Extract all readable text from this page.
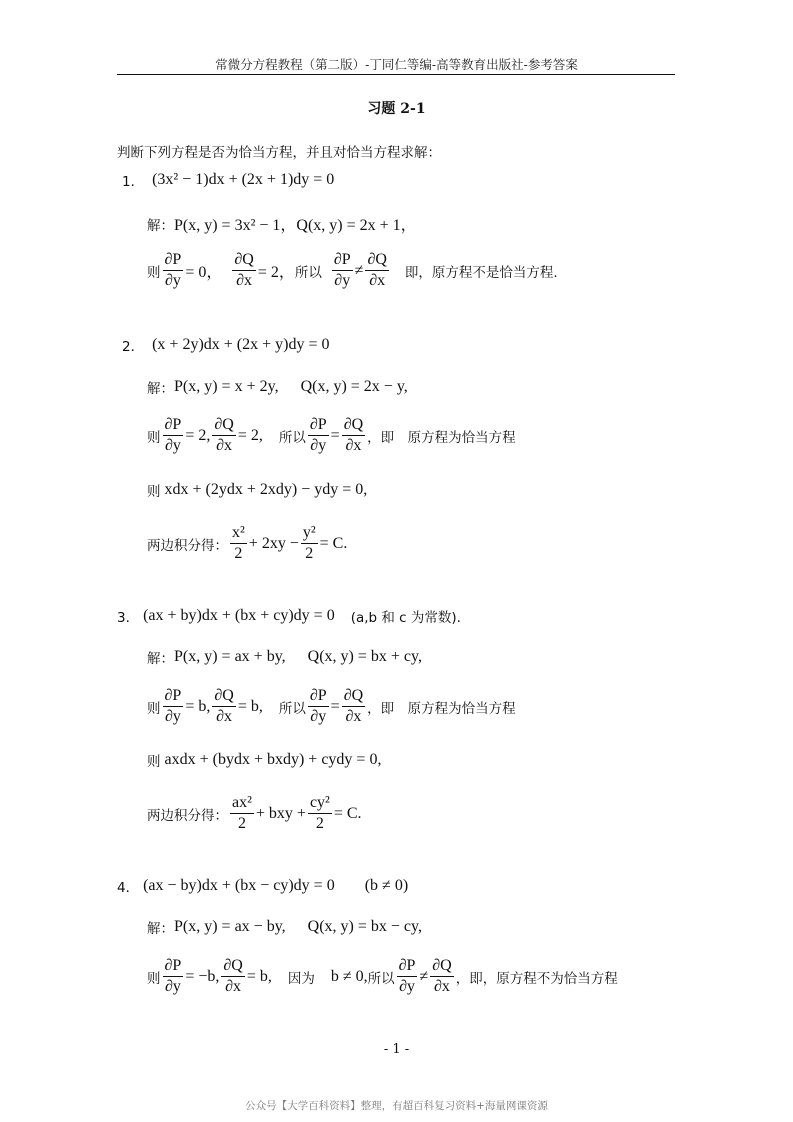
常微分方程教程（第二版）-丁同仁等编-高等教育出版社-参考答案
习题 2-1
判断下列方程是否为恰当方程，并且对恰当方程求解：
1． (3x² − 1)dx + (2x + 1)dy = 0
解： P(x, y) = 3x² − 1，Q(x, y) = 2x + 1，
则 $\frac{\partial P}{\partial y} = 0$， $\frac{\partial Q}{\partial x} = 2$， 所以 $\frac{\partial P}{\partial y} \ne \frac{\partial Q}{\partial x}$ 即，原方程不是恰当方程.
2． (x + 2y)dx + (2x + y)dy = 0
解： P(x, y) = x + 2y, Q(x, y) = 2x − y,
则 $\frac{\partial P}{\partial y} = 2$, $\frac{\partial Q}{\partial x} = 2$, 所以 $\frac{\partial P}{\partial y} = \frac{\partial Q}{\partial x}$ ，即　原方程为恰当方程
则 xdx + (2ydx + 2xdy) − ydy = 0,
两边积分得： $\frac{\text{x²}}{2} + 2xy - \frac{\text{y²}}{2} = C$.
3． (ax + by)dx + (bx + cy)dy = 0 (a,b 和 c 为常数).
解： P(x, y) = ax + by, Q(x, y) = bx + cy,
则 $\frac{\partial P}{\partial y} = b$, $\frac{\partial Q}{\partial x} = b$, 所以 $\frac{\partial P}{\partial y} = \frac{\partial Q}{\partial x}$ ，即　原方程为恰当方程
则 axdx + (bydx + bxdy) + cydy = 0,
两边积分得： $\frac{\text{ax²}}{2}$ + bxy + $\frac{\text{cy²}}{2} = C$.
4． (ax − by)dx + (bx − cy)dy = 0 (b ≠ 0)
解： P(x, y) = ax − by, Q(x, y) = bx − cy,
则 $\frac{\partial P}{\partial y} = -b$, $\frac{\partial Q}{\partial x} = b$, 因为 b ≠ 0, 所以 $\frac{\partial P}{\partial y} \ne \frac{\partial Q}{\partial x}$ ，即，原方程不为恰当方程
- 1 -
公众号【大学百科资料】整理，有超百科复习资料+海量网课资源
